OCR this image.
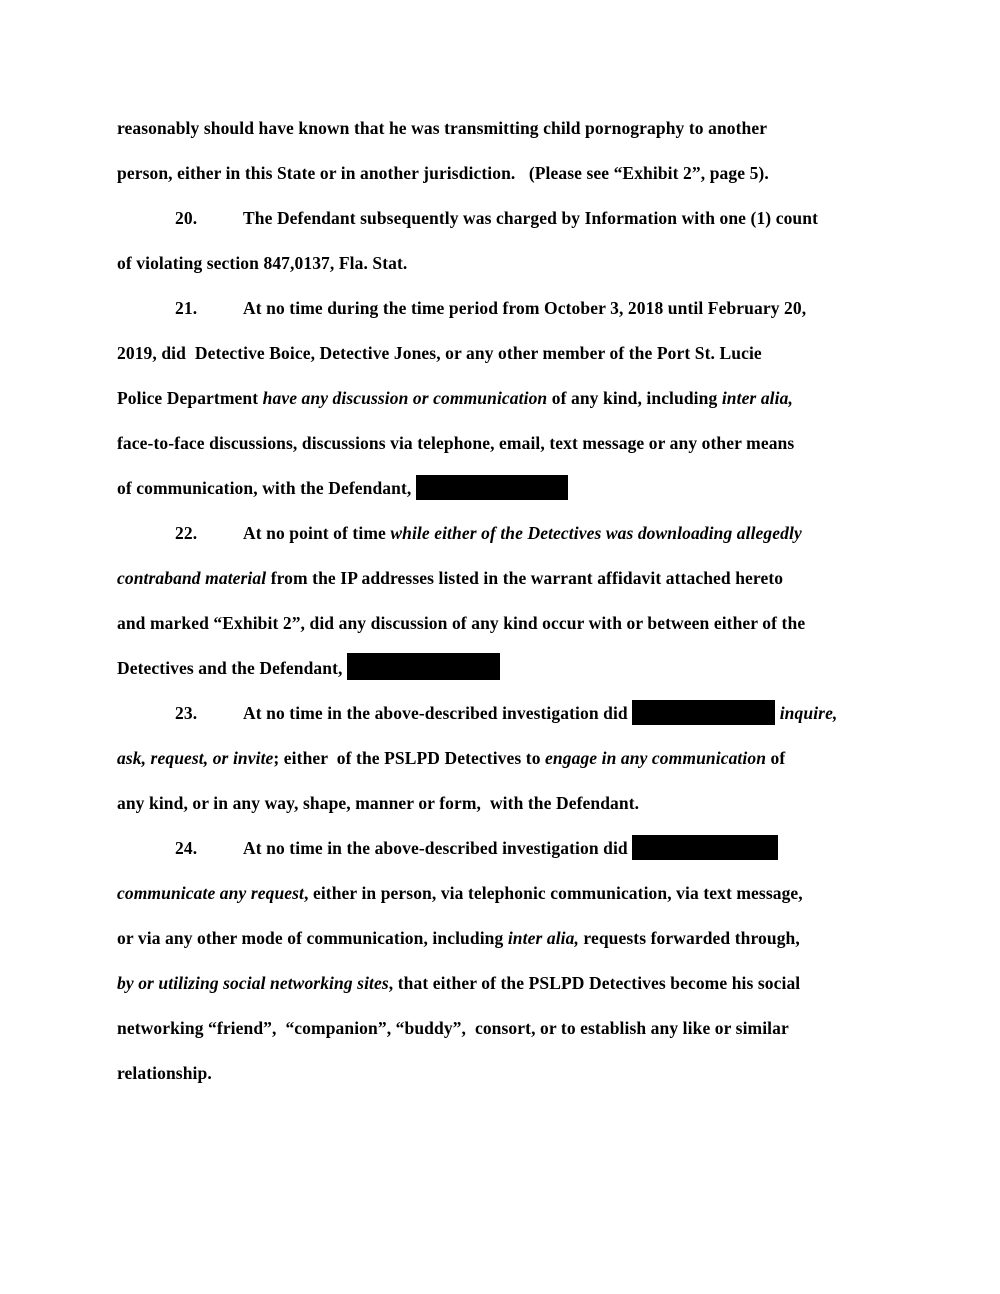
reasonably should have known that he was transmitting child pornography to another
person, either in this State or in another jurisdiction.   (Please see “Exhibit 2”, page 5).
20.	The Defendant subsequently was charged by Information with one (1) count
of violating section 847,0137, Fla. Stat.
21.	At no time during the time period from October 3, 2018 until February 20,
2019, did  Detective Boice, Detective Jones, or any other member of the Port St. Lucie
Police Department have any discussion or communication of any kind, including inter alia,
face-to-face discussions, discussions via telephone, email, text message or any other means
of communication, with the Defendant,
22.	At no point of time while either of the Detectives was downloading allegedly
contraband material from the IP addresses listed in the warrant affidavit attached hereto
and marked “Exhibit 2”, did any discussion of any kind occur with or between either of the
Detectives and the Defendant,
23.	At no time in the above-described investigation did	inquire,
ask, request, or invite; either  of the PSLPD Detectives to engage in any communication of
any kind, or in any way, shape, manner or form,  with the Defendant.
24.	At no time in the above-described investigation did
communicate any request, either in person, via telephonic communication, via text message,
or via any other mode of communication, including inter alia, requests forwarded through,
by or utilizing social networking sites, that either of the PSLPD Detectives become his social
networking “friend”,  “companion”, “buddy”,  consort, or to establish any like or similar
relationship.
